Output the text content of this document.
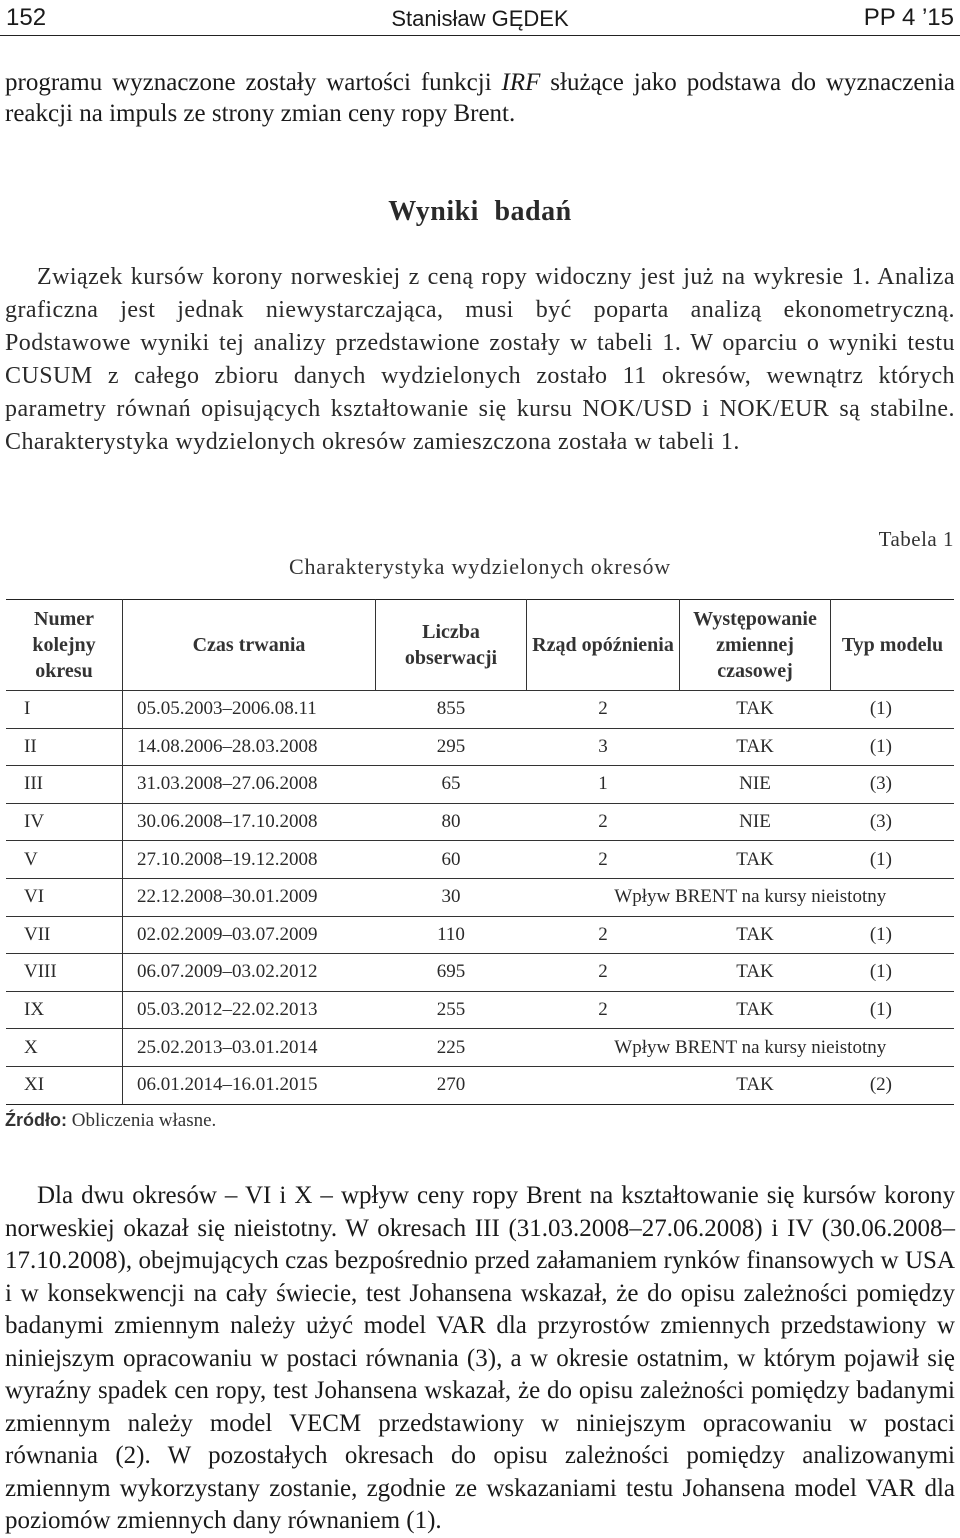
152	Stanisław GĘDEK	PP 4 ’15

programu wyznaczone zostały wartości funkcji IRF służące jako podstawa do wyznaczenia reakcji na impuls ze strony zmian ceny ropy Brent.

Wyniki badań

Związek kursów korony norweskiej z ceną ropy widoczny jest już na wykresie 1. Analiza graficzna jest jednak niewystarczająca, musi być poparta analizą ekonometryczną. Podstawowe wyniki tej analizy przedstawione zostały w tabeli 1. W oparciu o wyniki testu CUSUM z całego zbioru danych wydzielonych zostało 11 okresów, wewnątrz których parametry równań opisujących kształtowanie się kursu NOK/USD i NOK/EUR są stabilne. Charakterystyka wydzielonych okresów zamieszczona została w tabeli 1.

Tabela 1
Charakterystyka wydzielonych okresów
Numer kolejny okresu	Czas trwania	Liczba obserwacji	Rząd opóźnienia	Występowanie zmiennej czasowej	Typ modelu
I	05.05.2003–2006.08.11	855	2	TAK	(1)
II	14.08.2006–28.03.2008	295	3	TAK	(1)
III	31.03.2008–27.06.2008	65	1	NIE	(3)
IV	30.06.2008–17.10.2008	80	2	NIE	(3)
V	27.10.2008–19.12.2008	60	2	TAK	(1)
VI	22.12.2008–30.01.2009	30	Wpływ BRENT na kursy nieistotny		
VII	02.02.2009–03.07.2009	110	2	TAK	(1)
VIII	06.07.2009–03.02.2012	695	2	TAK	(1)
IX	05.03.2012–22.02.2013	255	2	TAK	(1)
X	25.02.2013–03.01.2014	225	Wpływ BRENT na kursy nieistotny		
XI	06.01.2014–16.01.2015	270		TAK	(2)
Źródło: Obliczenia własne.

Dla dwu okresów – VI i X – wpływ ceny ropy Brent na kształtowanie się kursów korony norweskiej okazał się nieistotny. W okresach III (31.03.2008–27.06.2008) i IV (30.06.2008–17.10.2008), obejmujących czas bezpośrednio przed załamaniem rynków finansowych w USA i w konsekwencji na cały świecie, test Johansena wskazał, że do opisu zależności pomiędzy badanymi zmiennym należy użyć model VAR dla przyrostów zmiennych przedstawiony w niniejszym opracowaniu w postaci równania (3), a w okresie ostatnim, w którym pojawił się wyraźny spadek cen ropy, test Johansena wskazał, że do opisu zależności pomiędzy badanymi zmiennym należy model VECM przedstawiony w niniejszym opracowaniu w postaci równania (2). W pozostałych okresach do opisu zależności pomiędzy analizowanymi zmiennym wykorzystany zostanie, zgodnie ze wskazaniami testu Johansena model VAR dla poziomów zmiennych dany równaniem (1).
